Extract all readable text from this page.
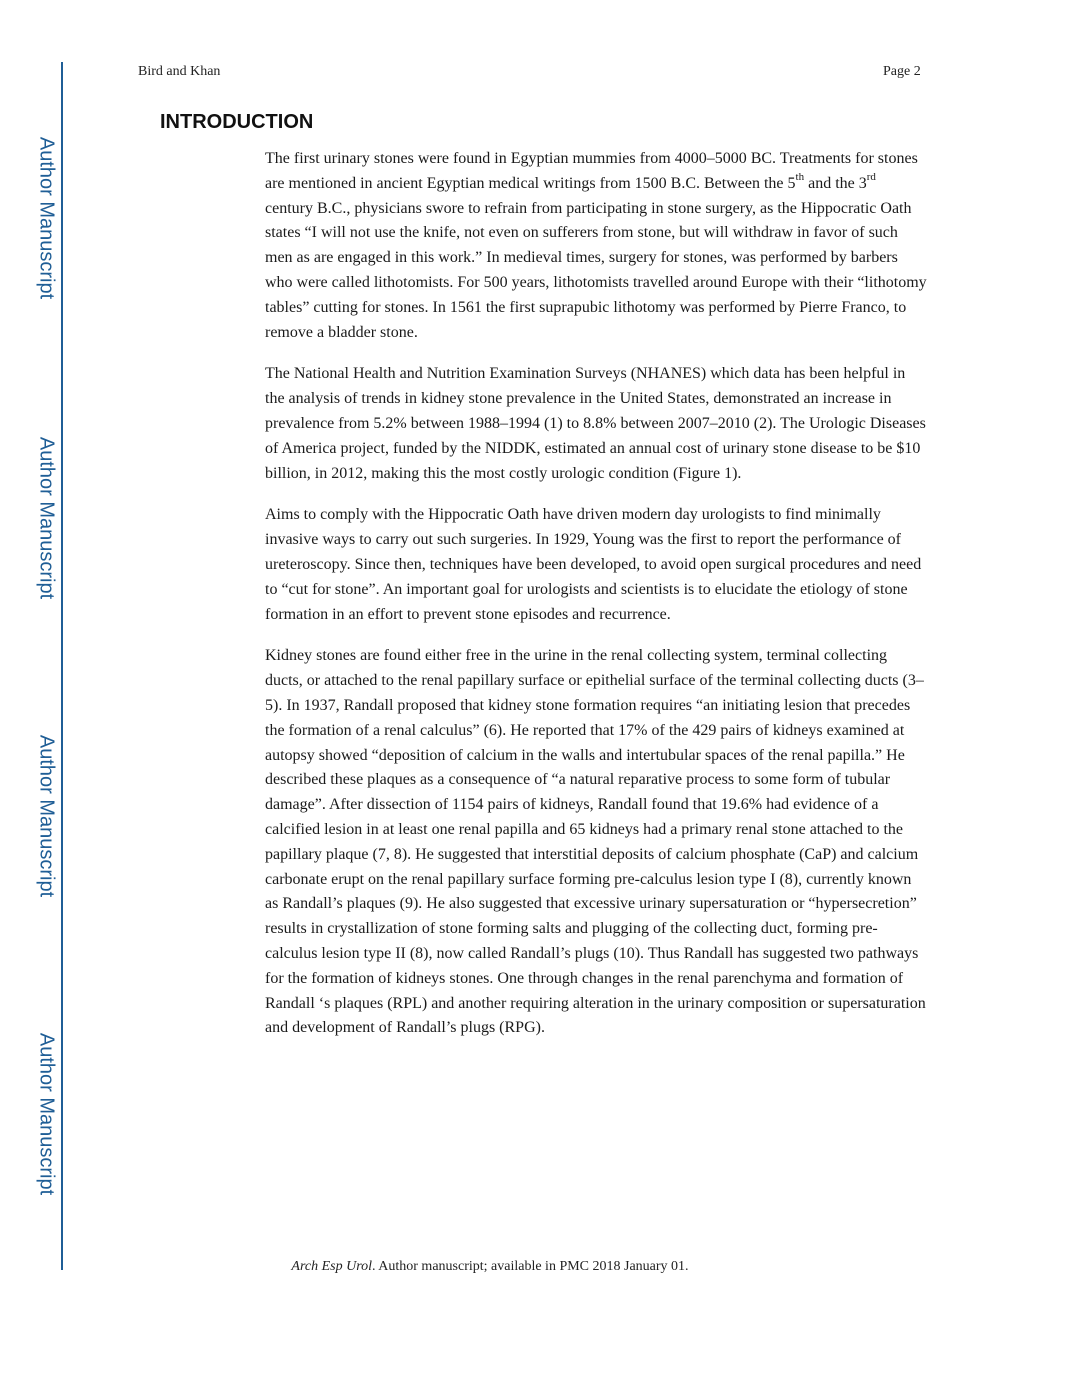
Author Manuscript
Author Manuscript
Author Manuscript
Author Manuscript
Bird and Khan	Page 2
INTRODUCTION

The first urinary stones were found in Egyptian mummies from 4000–5000 BC. Treatments for stones are mentioned in ancient Egyptian medical writings from 1500 B.C. Between the 5th and the 3rd century B.C., physicians swore to refrain from participating in stone surgery, as the Hippocratic Oath states “I will not use the knife, not even on sufferers from stone, but will withdraw in favor of such men as are engaged in this work.” In medieval times, surgery for stones, was performed by barbers who were called lithotomists. For 500 years, lithotomists travelled around Europe with their “lithotomy tables” cutting for stones. In 1561 the first suprapubic lithotomy was performed by Pierre Franco, to remove a bladder stone.

The National Health and Nutrition Examination Surveys (NHANES) which data has been helpful in the analysis of trends in kidney stone prevalence in the United States, demonstrated an increase in prevalence from 5.2% between 1988–1994 (1) to 8.8% between 2007–2010 (2). The Urologic Diseases of America project, funded by the NIDDK, estimated an annual cost of urinary stone disease to be $10 billion, in 2012, making this the most costly urologic condition (Figure 1).

Aims to comply with the Hippocratic Oath have driven modern day urologists to find minimally invasive ways to carry out such surgeries. In 1929, Young was the first to report the performance of ureteroscopy. Since then, techniques have been developed, to avoid open surgical procedures and need to “cut for stone”. An important goal for urologists and scientists is to elucidate the etiology of stone formation in an effort to prevent stone episodes and recurrence.

Kidney stones are found either free in the urine in the renal collecting system, terminal collecting ducts, or attached to the renal papillary surface or epithelial surface of the terminal collecting ducts (3–5). In 1937, Randall proposed that kidney stone formation requires “an initiating lesion that precedes the formation of a renal calculus” (6). He reported that 17% of the 429 pairs of kidneys examined at autopsy showed “deposition of calcium in the walls and intertubular spaces of the renal papilla.” He described these plaques as a consequence of “a natural reparative process to some form of tubular damage”. After dissection of 1154 pairs of kidneys, Randall found that 19.6% had evidence of a calcified lesion in at least one renal papilla and 65 kidneys had a primary renal stone attached to the papillary plaque (7, 8). He suggested that interstitial deposits of calcium phosphate (CaP) and calcium carbonate erupt on the renal papillary surface forming pre-calculus lesion type I (8), currently known as Randall’s plaques (9). He also suggested that excessive urinary supersaturation or “hypersecretion” results in crystallization of stone forming salts and plugging of the collecting duct, forming pre-calculus lesion type II (8), now called Randall’s plugs (10). Thus Randall has suggested two pathways for the formation of kidneys stones. One through changes in the renal parenchyma and formation of Randall ‘s plaques (RPL) and another requiring alteration in the urinary composition or supersaturation and development of Randall’s plugs (RPG).

Arch Esp Urol. Author manuscript; available in PMC 2018 January 01.
